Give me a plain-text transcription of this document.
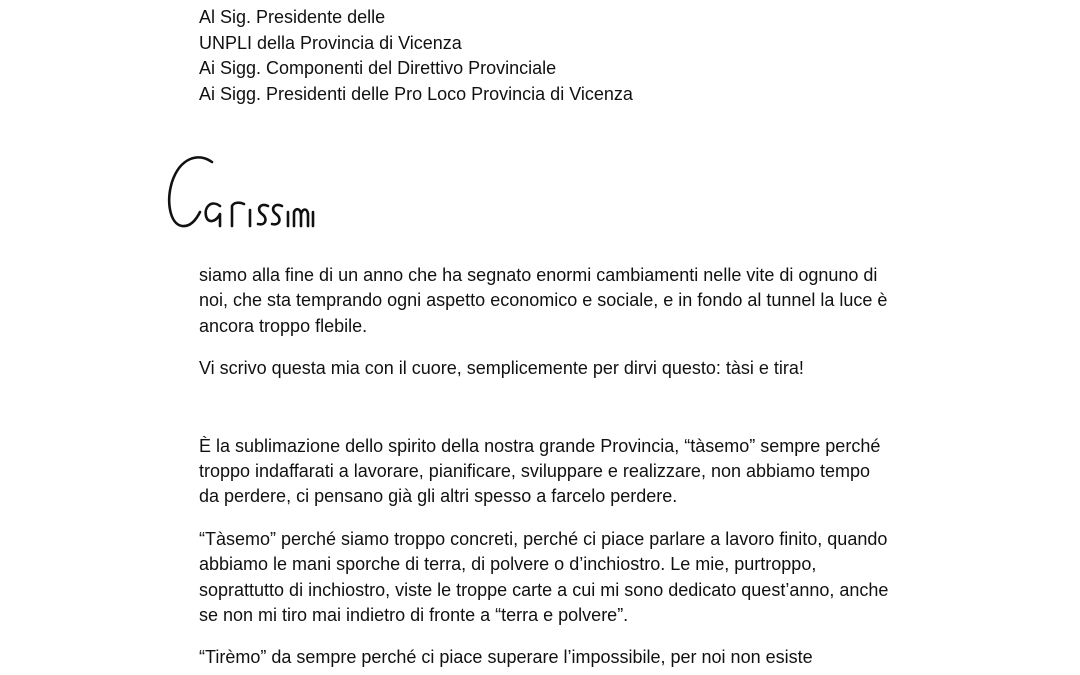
Al Sig. Presidente delle
UNPLI della Provincia di Vicenza
Ai Sigg. Componenti del Direttivo Provinciale
Ai Sigg. Presidenti delle Pro Loco Provincia di Vicenza

siamo alla fine di un anno che ha segnato enormi cambiamenti nelle vite di ognuno di noi, che sta temprando ogni aspetto economico e sociale, e in fondo al tunnel la luce è ancora troppo flebile.

Vi scrivo questa mia con il cuore, semplicemente per dirvi questo: tàsi e tira!

È la sublimazione dello spirito della nostra grande Provincia, “tàsemo” sempre perché troppo indaffarati a lavorare, pianificare, sviluppare e realizzare, non abbiamo tempo da perdere, ci pensano già gli altri spesso a farcelo perdere.

“Tàsemo” perché siamo troppo concreti, perché ci piace parlare a lavoro finito, quando abbiamo le mani sporche di terra, di polvere o d’inchiostro. Le mie, purtroppo, soprattutto di inchiostro, viste le troppe carte a cui mi sono dedicato quest’anno, anche se non mi tiro mai indietro di fronte a “terra e polvere”.

“Tirèmo” da sempre perché ci piace superare l’impossibile, per noi non esiste
